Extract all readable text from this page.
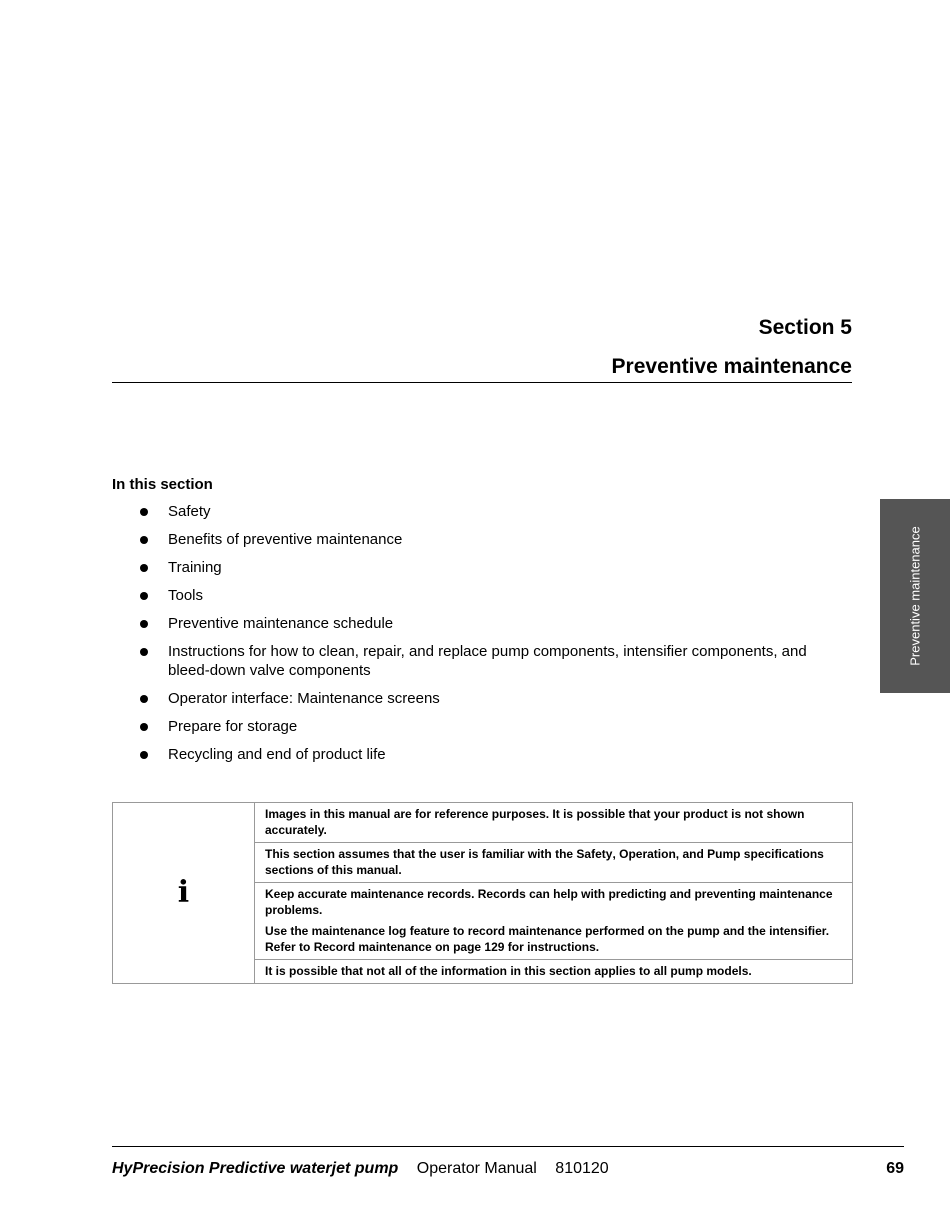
Section 5
Preventive maintenance
Preventive maintenance
In this section
Safety
Benefits of preventive maintenance
Training
Tools
Preventive maintenance schedule
Instructions for how to clean, repair, and replace pump components, intensifier components, and bleed-down valve components
Operator interface: Maintenance screens
Prepare for storage
Recycling and end of product life
i	

Images in this manual are for reference purposes. It is possible that your product is not shown accurately.

This section assumes that the user is familiar with the Safety, Operation, and Pump specifications sections of this manual.

Keep accurate maintenance records. Records can help with predicting and preventing maintenance problems.

Use the maintenance log feature to record maintenance performed on the pump and the intensifier. Refer to Record maintenance on page 129 for instructions.

It is possible that not all of the information in this section applies to all pump models.

HyPrecision Predictive waterjet pump Operator Manual 810120	69
